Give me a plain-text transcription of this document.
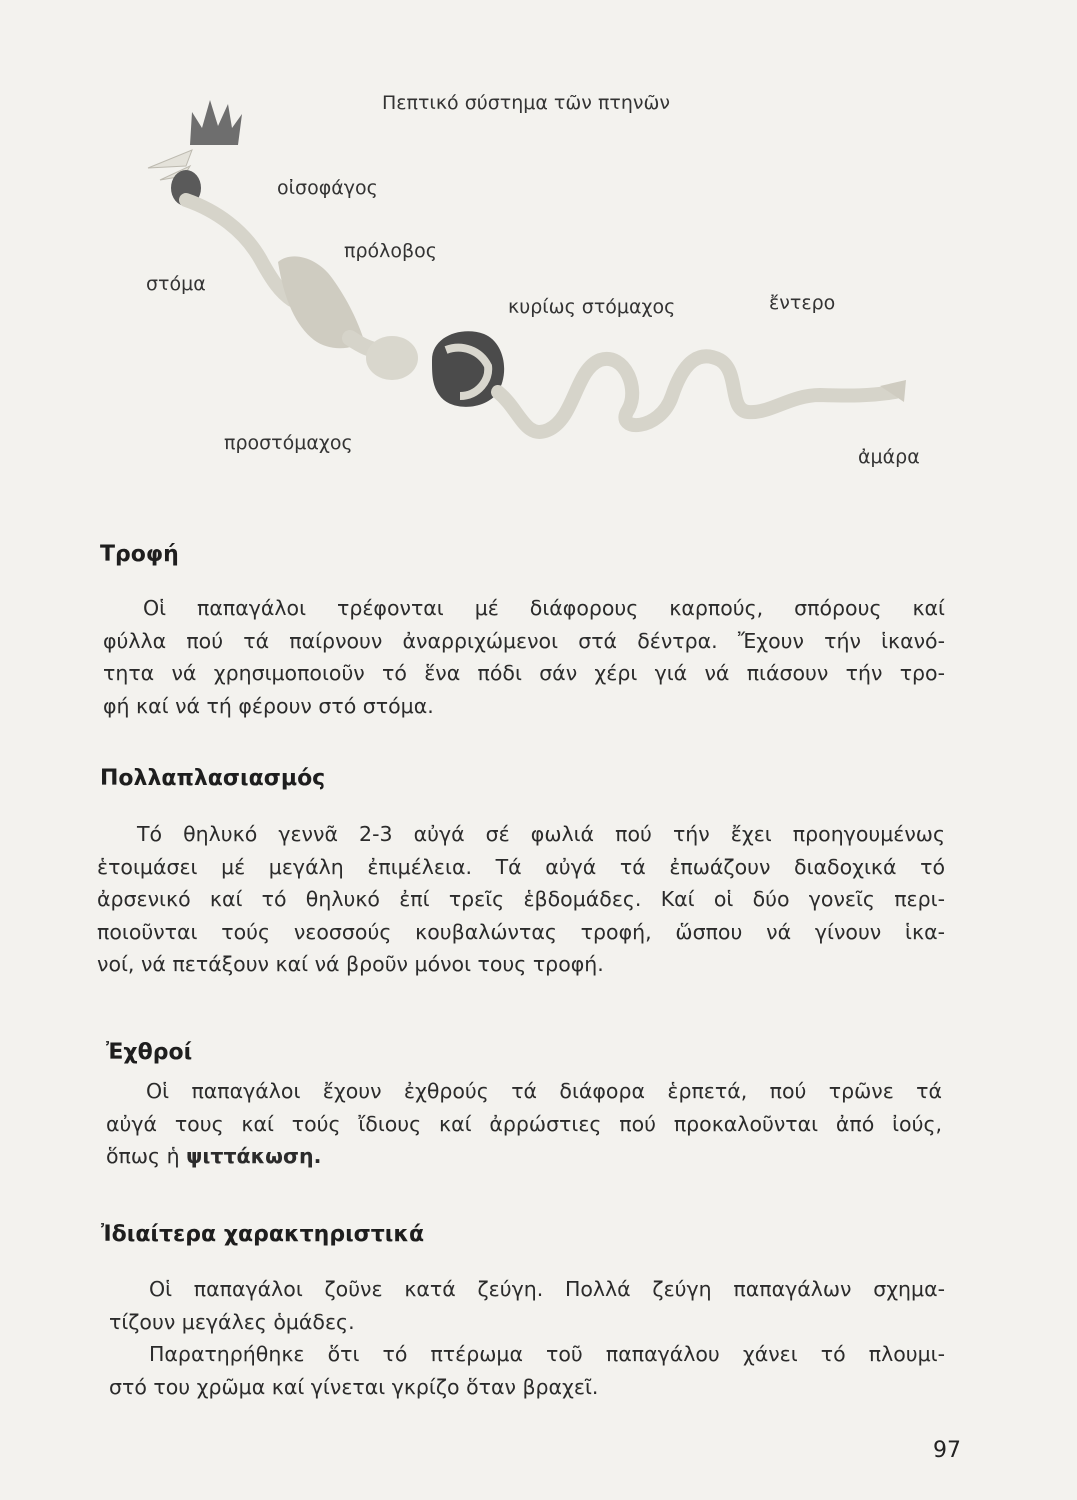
Πεπτικό σύστημα τῶν πτηνῶν
οἰσοφάγος
πρόλοβος
στόμα
κυρίως στόμαχος	ἔντερο
προστόμαχος
ἀμάρα
Τροφή
Οἱ παπαγάλοι τρέφονται μέ διάφορους καρπούς, σπόρους καί
φύλλα πού τά παίρνουν ἀναρριχώμενοι στά δέντρα. Ἔχουν τήν ἱκανό-
τητα νά χρησιμοποιοῦν τό ἕνα πόδι σάν χέρι γιά νά πιάσουν τήν τρο-
φή καί νά τή φέρουν στό στόμα.
Πολλαπλασιασμός
Τό θηλυκό γεννᾶ 2-3 αὐγά σέ φωλιά πού τήν ἔχει προηγουμένως
ἑτοιμάσει μέ μεγάλη ἐπιμέλεια. Τά αὐγά τά ἐπωάζουν διαδοχικά τό
ἀρσενικό καί τό θηλυκό ἐπί τρεῖς ἑβδομάδες. Καί οἱ δύο γονεῖς περι-
ποιοῦνται τούς νεοσσούς κουβαλώντας τροφή, ὥσπου νά γίνουν ἱκα-
νοί, νά πετάξουν καί νά βροῦν μόνοι τους τροφή.
Ἐχθροί
Οἱ παπαγάλοι ἔχουν ἐχθρούς τά διάφορα ἑρπετά, πού τρῶνε τά
αὐγά τους καί τούς ἴδιους καί ἀρρώστιες πού προκαλοῦνται ἀπό ἰούς,
ὅπως ἡ ψιττάκωση.
Ἰδιαίτερα χαρακτηριστικά
Οἱ παπαγάλοι ζοῦνε κατά ζεύγη. Πολλά ζεύγη παπαγάλων σχημα-
τίζουν μεγάλες ὁμάδες.
Παρατηρήθηκε ὅτι τό πτέρωμα τοῦ παπαγάλου χάνει τό πλουμι-
στό του χρῶμα καί γίνεται γκρίζο ὅταν βραχεῖ.
97
